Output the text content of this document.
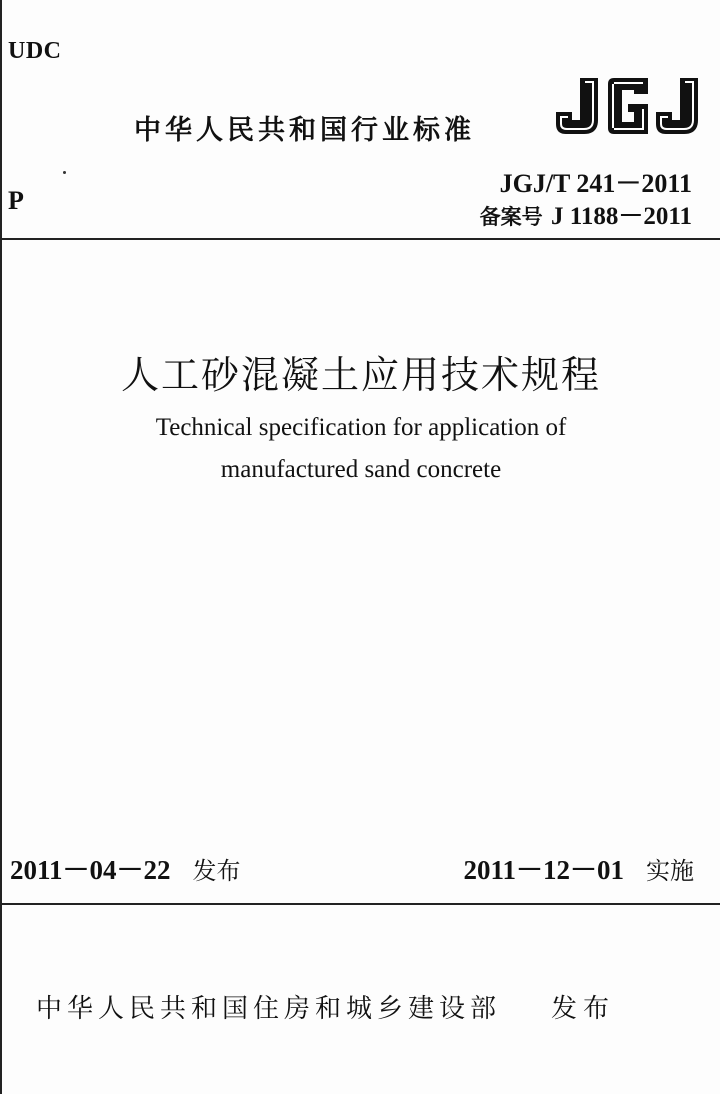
UDC
P
中华人民共和国行业标准
JGJ/T 241－2011
备案号 J 1188－2011
人工砂混凝土应用技术规程
Technical specification for application of
manufactured sand concrete
2011－04－22 发布	2011－12－01 实施
中华人民共和国住房和城乡建设部 发布
